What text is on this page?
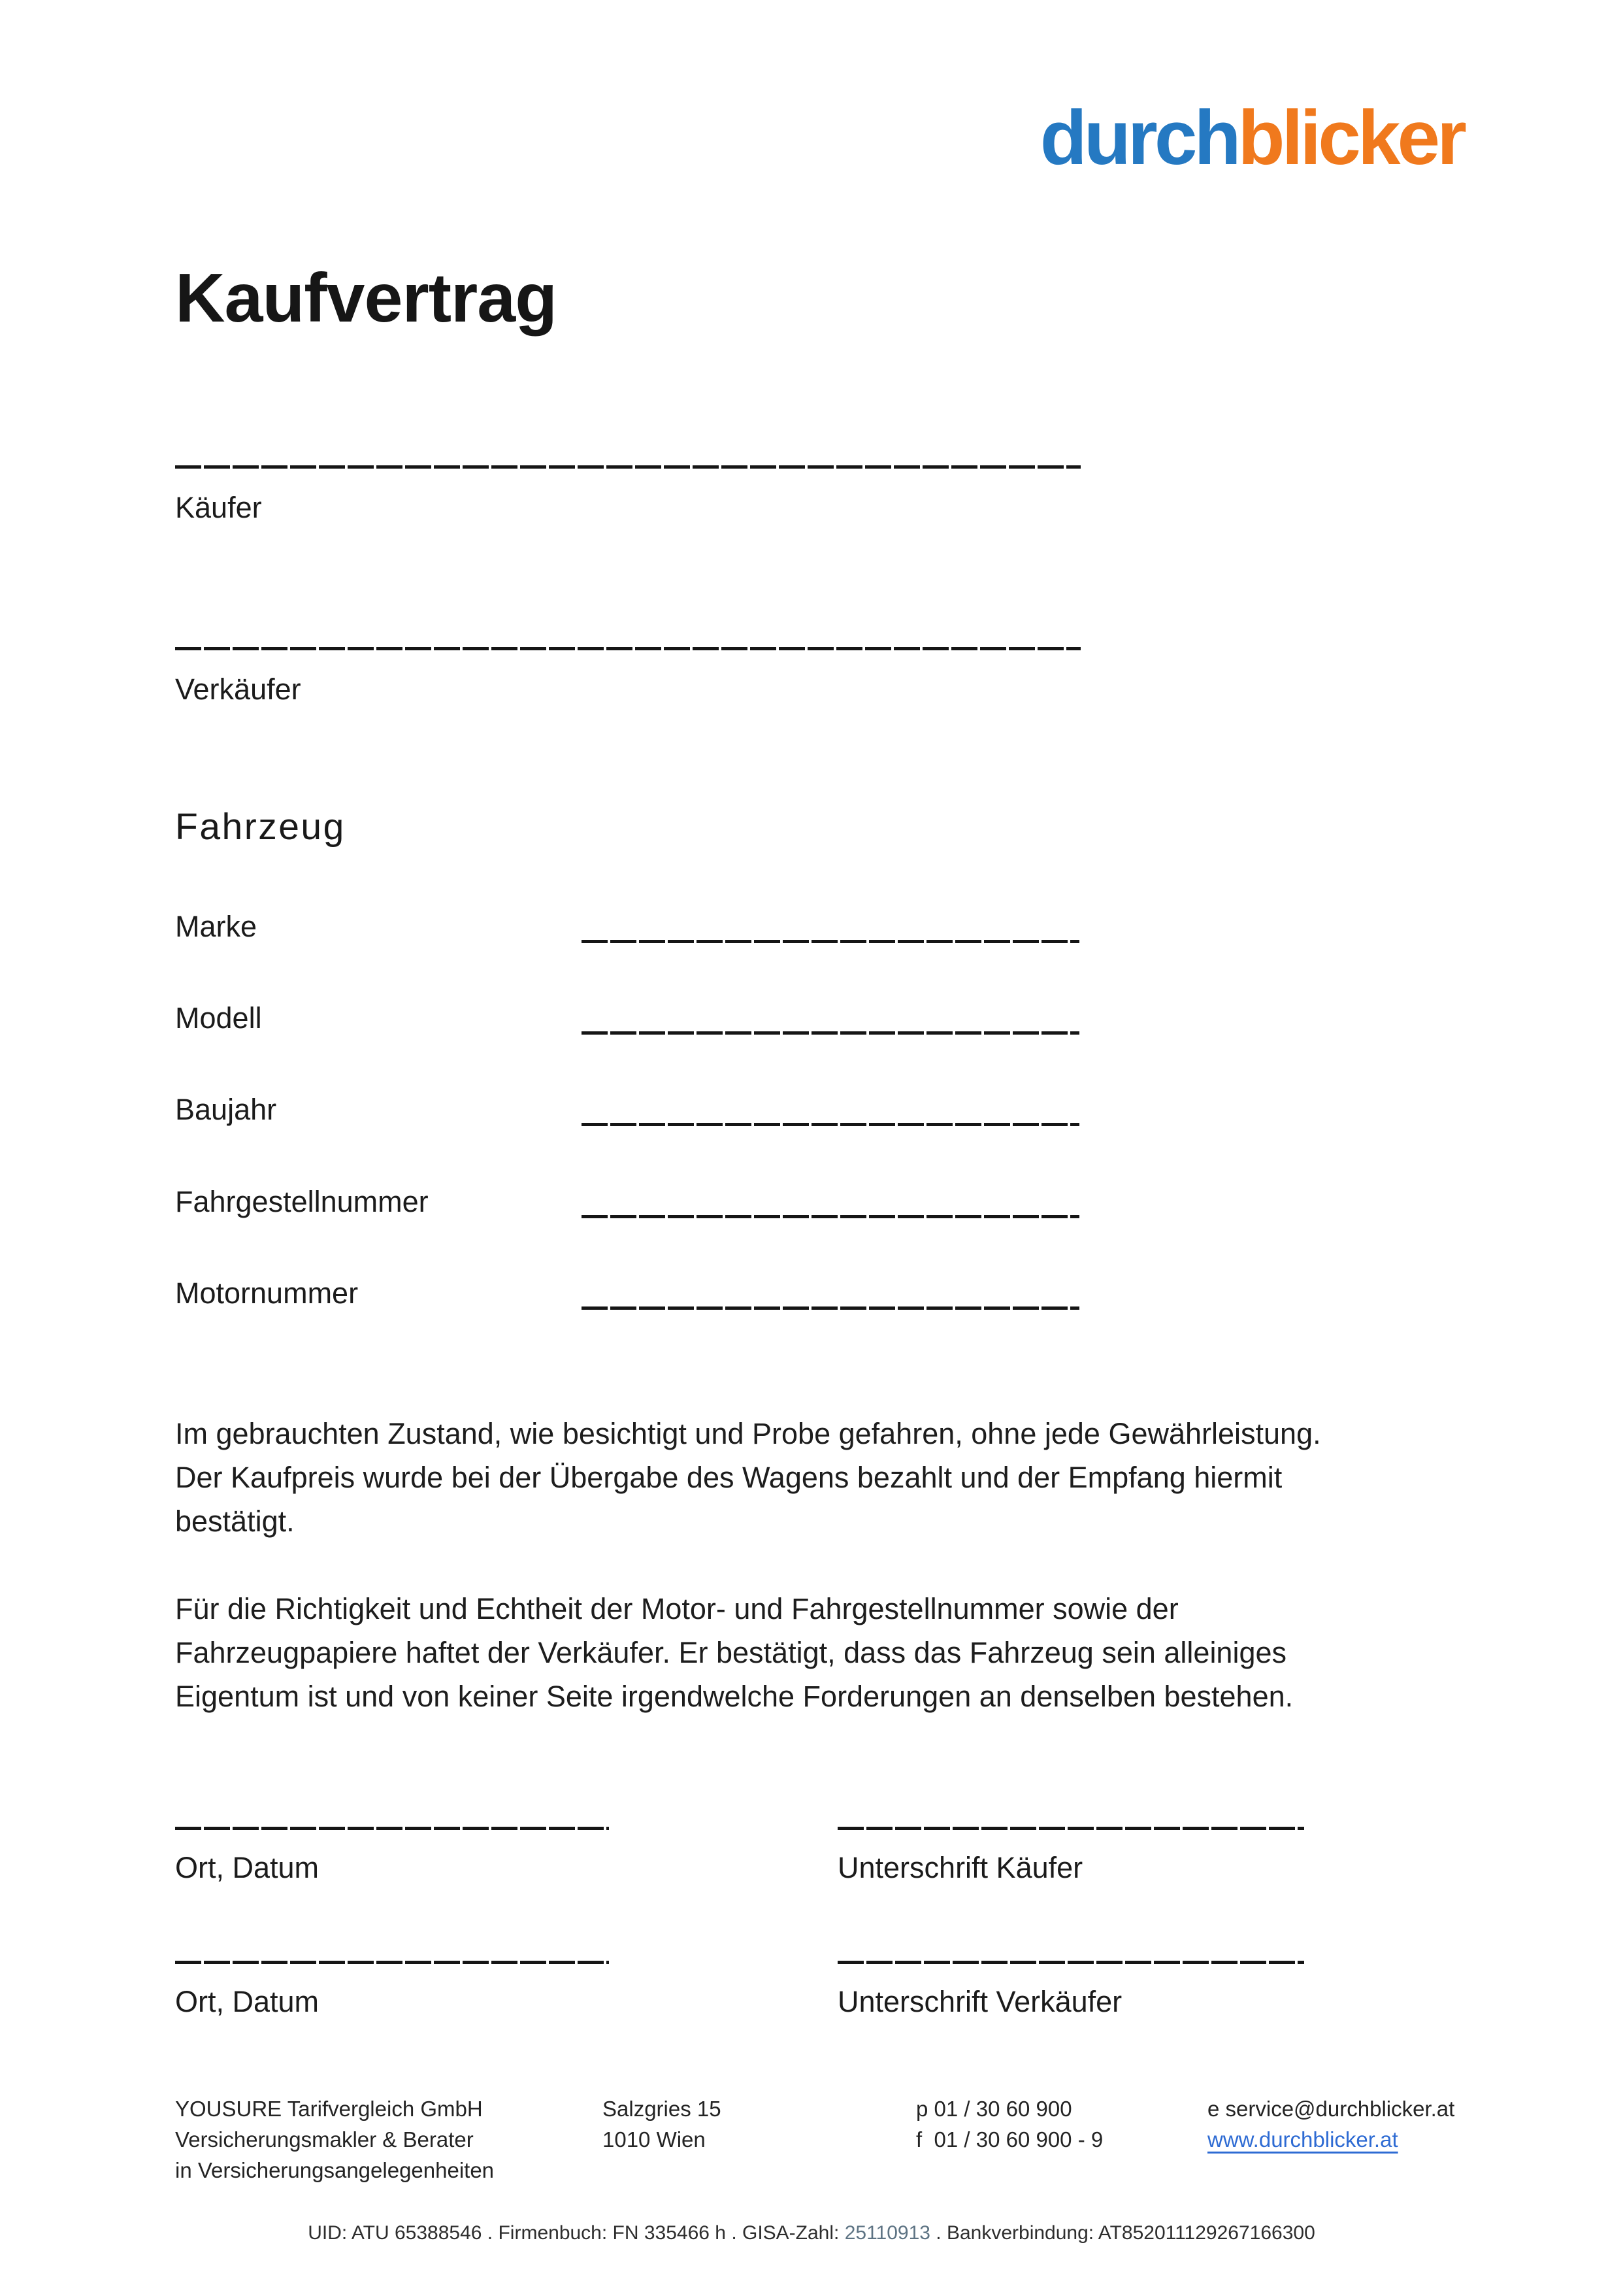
durchblicker
Kaufvertrag
Käufer
Verkäufer
Fahrzeug
Marke
Modell
Baujahr
Fahrgestellnummer
Motornummer
Im gebrauchten Zustand, wie besichtigt und Probe gefahren, ohne jede Gewährleistung.
Der Kaufpreis wurde bei der Übergabe des Wagens bezahlt und der Empfang hiermit
bestätigt.
Für die Richtigkeit und Echtheit der Motor- und Fahrgestellnummer sowie der
Fahrzeugpapiere haftet der Verkäufer. Er bestätigt, dass das Fahrzeug sein alleiniges
Eigentum ist und von keiner Seite irgendwelche Forderungen an denselben bestehen.
Ort, Datum	Unterschrift Käufer
Ort, Datum	Unterschrift Verkäufer
YOUSURE Tarifvergleich GmbH
Versicherungsmakler & Berater
in Versicherungsangelegenheiten
Salzgries 15
1010 Wien
p 01 / 30 60 900
f  01 / 30 60 900 - 9
e service@durchblicker.at
www.durchblicker.at
UID: ATU 65388546 . Firmenbuch: FN 335466 h . GISA-Zahl: 25110913 . Bankverbindung: AT852011129267166300
